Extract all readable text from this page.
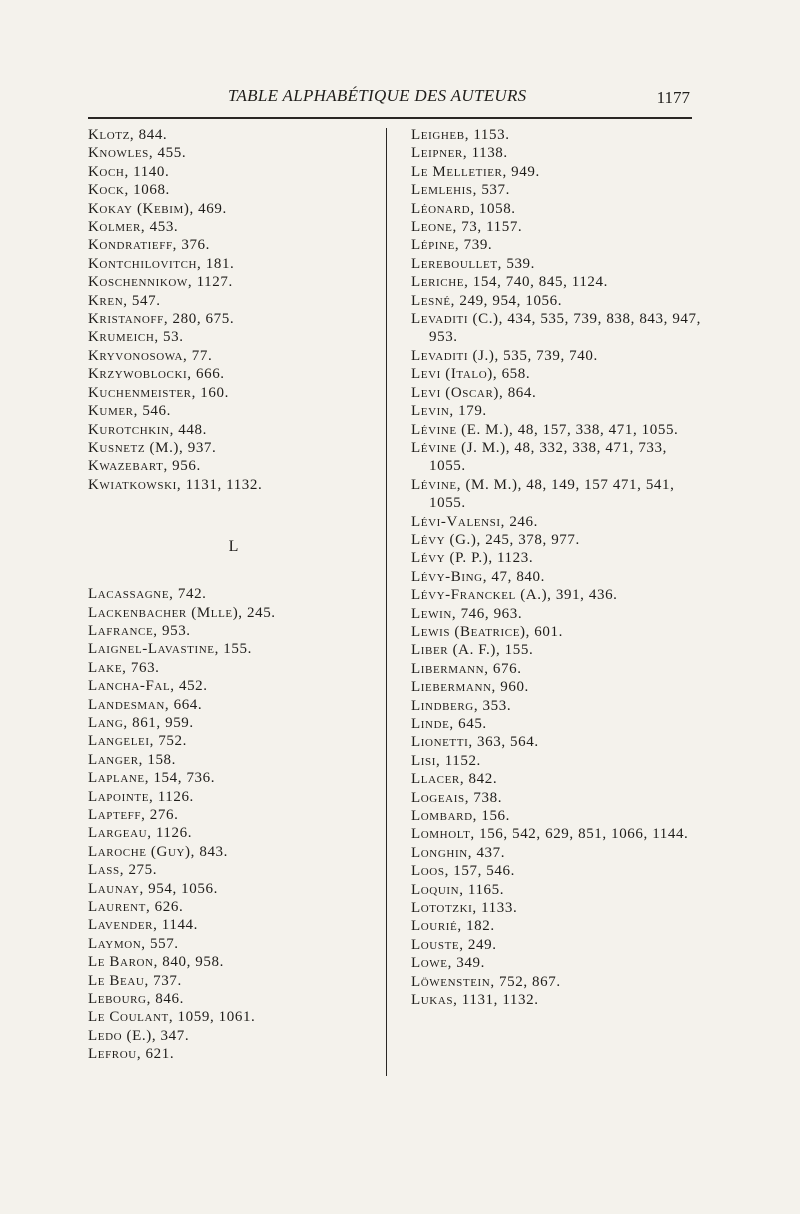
TABLE ALPHABÉTIQUE DES AUTEURS	1177
Klotz, 844.
Knowles, 455.
Koch, 1140.
Kock, 1068.
Kokay (Kebim), 469.
Kolmer, 453.
Kondratieff, 376.
Kontchilovitch, 181.
Koschennikow, 1127.
Kren, 547.
Kristanoff, 280, 675.
Krumeich, 53.
Kryvonosowa, 77.
Krzywoblocki, 666.
Kuchenmeister, 160.
Kumer, 546.
Kurotchkin, 448.
Kusnetz (M.), 937.
Kwazebart, 956.
Kwiatkowski, 1131, 1132.
L
Lacassagne, 742.
Lackenbacher (Mlle), 245.
Lafrance, 953.
Laignel-Lavastine, 155.
Lake, 763.
Lancha-Fal, 452.
Landesman, 664.
Lang, 861, 959.
Langelei, 752.
Langer, 158.
Laplane, 154, 736.
Lapointe, 1126.
Lapteff, 276.
Largeau, 1126.
Laroche (Guy), 843.
Lass, 275.
Launay, 954, 1056.
Laurent, 626.
Lavender, 1144.
Laymon, 557.
Le Baron, 840, 958.
Le Beau, 737.
Lebourg, 846.
Le Coulant, 1059, 1061.
Ledo (E.), 347.
Lefrou, 621.
Leigheb, 1153.
Leipner, 1138.
Le Melletier, 949.
Lemlehis, 537.
Léonard, 1058.
Leone, 73, 1157.
Lépine, 739.
Lereboullet, 539.
Leriche, 154, 740, 845, 1124.
Lesné, 249, 954, 1056.
Levaditi (C.), 434, 535, 739, 838, 843, 947, 953.
Levaditi (J.), 535, 739, 740.
Levi (Italo), 658.
Levi (Oscar), 864.
Levin, 179.
Lévine (E. M.), 48, 157, 338, 471, 1055.
Lévine (J. M.), 48, 332, 338, 471, 733, 1055.
Lévine, (M. M.), 48, 149, 157 471, 541, 1055.
Lévi-Valensi, 246.
Lévy (G.), 245, 378, 977.
Lévy (P. P.), 1123.
Lévy-Bing, 47, 840.
Lévy-Franckel (A.), 391, 436.
Lewin, 746, 963.
Lewis (Beatrice), 601.
Liber (A. F.), 155.
Libermann, 676.
Liebermann, 960.
Lindberg, 353.
Linde, 645.
Lionetti, 363, 564.
Lisi, 1152.
Llacer, 842.
Logeais, 738.
Lombard, 156.
Lomholt, 156, 542, 629, 851, 1066, 1144.
Longhin, 437.
Loos, 157, 546.
Loquin, 1165.
Lototzki, 1133.
Lourié, 182.
Louste, 249.
Lowe, 349.
Löwenstein, 752, 867.
Lukas, 1131, 1132.
